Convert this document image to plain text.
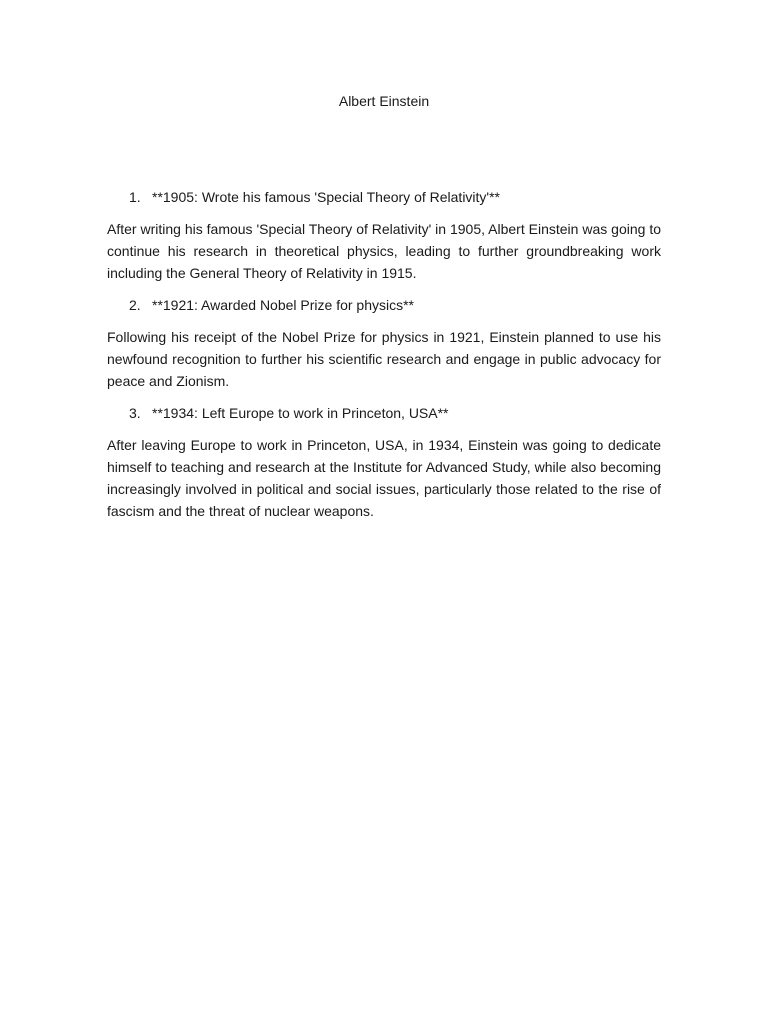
Albert Einstein
1. **1905: Wrote his famous 'Special Theory of Relativity'**

After writing his famous 'Special Theory of Relativity' in 1905, Albert Einstein was going to continue his research in theoretical physics, leading to further groundbreaking work including the General Theory of Relativity in 1915.

2. **1921: Awarded Nobel Prize for physics**

Following his receipt of the Nobel Prize for physics in 1921, Einstein planned to use his newfound recognition to further his scientific research and engage in public advocacy for peace and Zionism.

3. **1934: Left Europe to work in Princeton, USA**

After leaving Europe to work in Princeton, USA, in 1934, Einstein was going to dedicate himself to teaching and research at the Institute for Advanced Study, while also becoming increasingly involved in political and social issues, particularly those related to the rise of fascism and the threat of nuclear weapons.
